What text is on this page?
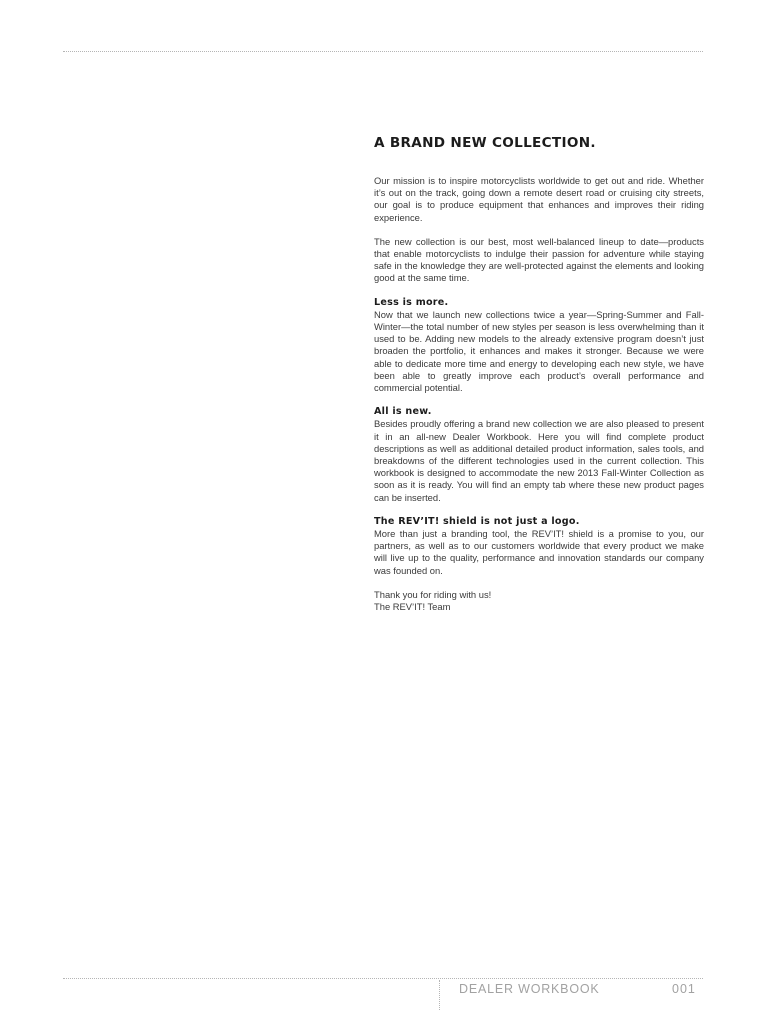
A BRAND NEW COLLECTION.

Our mission is to inspire motorcyclists worldwide to get out and ride. Whether it’s out on the track, going down a remote desert road or cruising city streets, our goal is to produce equipment that enhances and improves their riding experience.

The new collection is our best, most well-balanced lineup to date—products that enable motorcyclists to indulge their passion for adventure while staying safe in the knowledge they are well-protected against the elements and looking good at the same time.

Less is more.

Now that we launch new collections twice a year—Spring-Summer and Fall-Winter—the total number of new styles per season is less overwhelming than it used to be. Adding new models to the already extensive program doesn’t just broaden the portfolio, it enhances and makes it stronger. Because we were able to dedicate more time and energy to developing each new style, we have been able to greatly improve each product’s overall performance and commercial potential.

All is new.

Besides proudly offering a brand new collection we are also pleased to present it in an all-new Dealer Workbook. Here you will find complete product descriptions as well as additional detailed product information, sales tools, and breakdowns of the different technologies used in the current collection. This workbook is designed to accommodate the new 2013 Fall-Winter Collection as soon as it is ready. You will find an empty tab where these new product pages can be inserted.

The REV’IT! shield is not just a logo.

More than just a branding tool, the REV’IT! shield is a promise to you, our partners, as well as to our customers worldwide that every product we make will live up to the quality, performance and innovation standards our company was founded on.

Thank you for riding with us!
The REV’IT! Team
DEALER WORKBOOK	001
